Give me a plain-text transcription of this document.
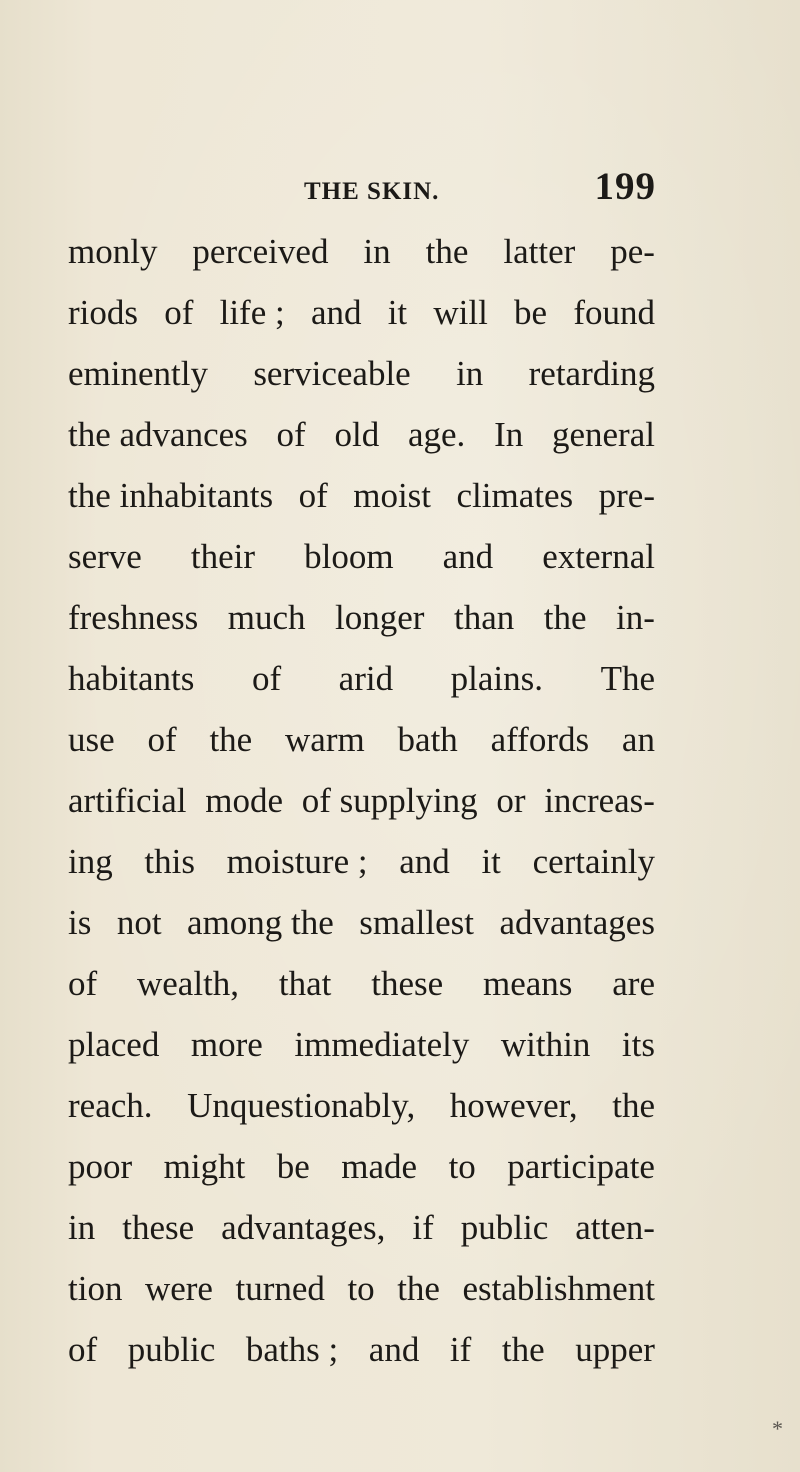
THE SKIN.	199
monly perceived in the latter pe-
riods of life ; and it will be found
eminently serviceable in retarding
the advances of old age. In general
the inhabitants of moist climates pre-
serve their bloom and external
freshness much longer than the in-
habitants of arid plains. The
use of the warm bath affords an
artificial mode of supplying or increas-
ing this moisture ; and it certainly
is not among the smallest advantages
of wealth, that these means are
placed more immediately within its
reach. Unquestionably, however, the
poor might be made to participate
in these advantages, if public atten-
tion were turned to the establishment
of public baths ; and if the upper
*
